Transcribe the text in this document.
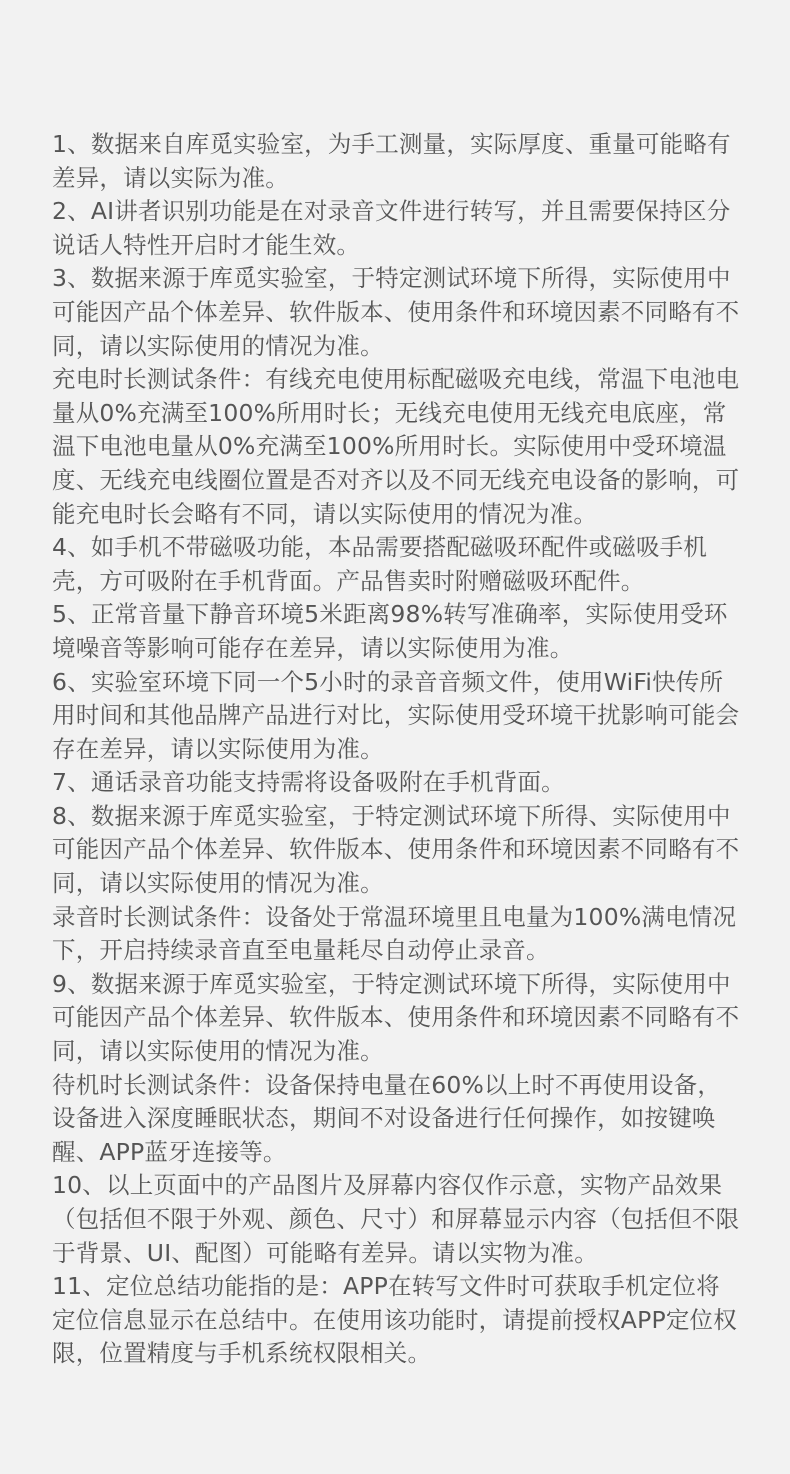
1、数据来自库觅实验室，为手工测量，实际厚度、重量可能略有差异，请以实际为准。
2、AI讲者识别功能是在对录音文件进行转写，并且需要保持区分说话人特性开启时才能生效。
3、数据来源于库觅实验室，于特定测试环境下所得，实际使用中可能因产品个体差异、软件版本、使用条件和环境因素不同略有不同，请以实际使用的情况为准。
充电时长测试条件：有线充电使用标配磁吸充电线，常温下电池电量从0%充满至100%所用时长；无线充电使用无线充电底座，常温下电池电量从0%充满至100%所用时长。实际使用中受环境温度、无线充电线圈位置是否对齐以及不同无线充电设备的影响，可能充电时长会略有不同，请以实际使用的情况为准。
4、如手机不带磁吸功能，本品需要搭配磁吸环配件或磁吸手机壳，方可吸附在手机背面。产品售卖时附赠磁吸环配件。
5、正常音量下静音环境5米距离98%转写准确率，实际使用受环境噪音等影响可能存在差异，请以实际使用为准。
6、实验室环境下同一个5小时的录音音频文件，使用WiFi快传所用时间和其他品牌产品进行对比，实际使用受环境干扰影响可能会存在差异，请以实际使用为准。
7、通话录音功能支持需将设备吸附在手机背面。
8、数据来源于库觅实验室，于特定测试环境下所得、实际使用中可能因产品个体差异、软件版本、使用条件和环境因素不同略有不同，请以实际使用的情况为准。
录音时长测试条件：设备处于常温环境里且电量为100%满电情况下，开启持续录音直至电量耗尽自动停止录音。
9、数据来源于库觅实验室，于特定测试环境下所得，实际使用中可能因产品个体差异、软件版本、使用条件和环境因素不同略有不同，请以实际使用的情况为准。
待机时长测试条件：设备保持电量在60%以上时不再使用设备，设备进入深度睡眠状态，期间不对设备进行任何操作，如按键唤醒、APP蓝牙连接等。
10、以上页面中的产品图片及屏幕内容仅作示意，实物产品效果（包括但不限于外观、颜色、尺寸）和屏幕显示内容（包括但不限于背景、UI、配图）可能略有差异。请以实物为准。
11、定位总结功能指的是：APP在转写文件时可获取手机定位将定位信息显示在总结中。在使用该功能时，请提前授权APP定位权限，位置精度与手机系统权限相关。
